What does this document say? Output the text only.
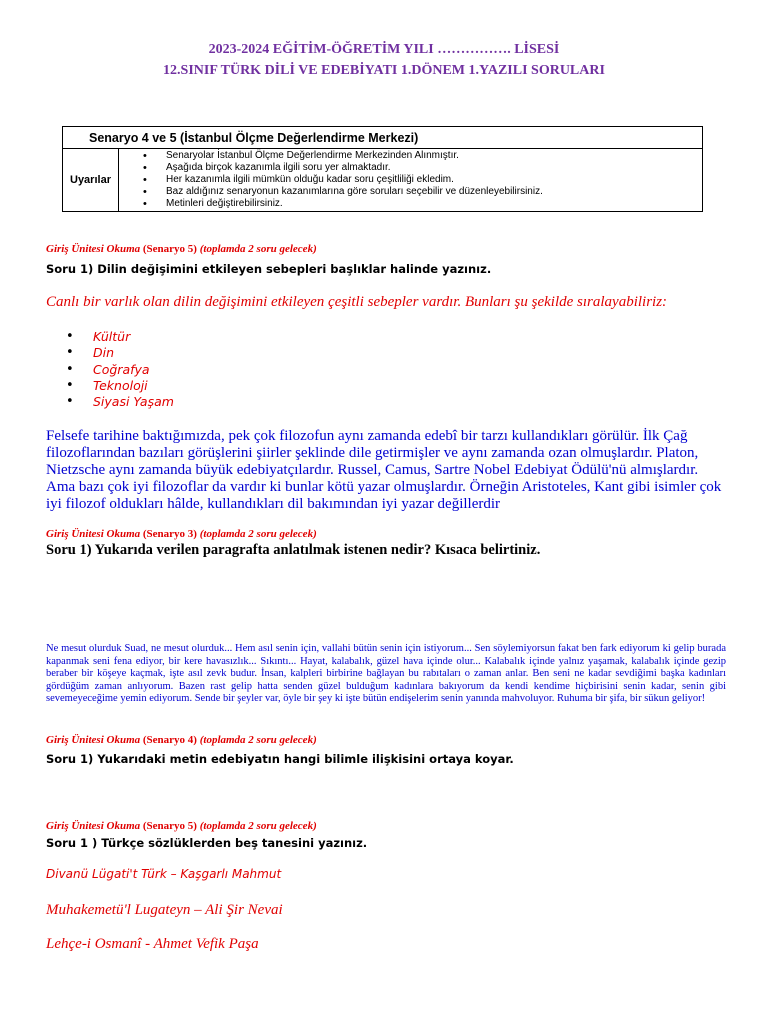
2023-2024 EĞİTİM-ÖĞRETİM YILI ……………. LİSESİ
12.SINIF TÜRK DİLİ VE EDEBİYATI 1.DÖNEM 1.YAZILI SORULARI
Senaryo 4 ve 5 (İstanbul Ölçme Değerlendirme Merkezi)
Uyarılar	
• Senaryolar İstanbul Ölçme Değerlendirme Merkezinden Alınmıştır.
• Aşağıda birçok kazanımla ilgili soru yer almaktadır.
• Her kazanımla ilgili mümkün olduğu kadar soru çeşitliliği ekledim.
• Baz aldığınız senaryonun kazanımlarına göre soruları seçebilir ve düzenleyebilirsiniz.
• Metinleri değiştirebilirsiniz.
Giriş Ünitesi Okuma (Senaryo 5) (toplamda 2 soru gelecek)
Soru 1) Dilin değişimini etkileyen sebepleri başlıklar halinde yazınız.
Canlı bir varlık olan dilin değişimini etkileyen çeşitli sebepler vardır. Bunları şu şekilde sıralayabiliriz:
• Kültür
• Din
• Coğrafya
• Teknoloji
• Siyasi Yaşam
Felsefe tarihine baktığımızda, pek çok filozofun aynı zamanda edebî bir tarzı kullandıkları görülür. İlk Çağ filozoflarından bazıları görüşlerini şiirler şeklinde dile getirmişler ve aynı zamanda ozan olmuşlardır. Platon, Nietzsche aynı zamanda büyük edebiyatçılardır. Russel, Camus, Sartre Nobel Edebiyat Ödülü'nü almışlardır. Ama bazı çok iyi filozoflar da vardır ki bunlar kötü yazar olmuşlardır. Örneğin Aristoteles, Kant gibi isimler çok iyi filozof oldukları hâlde, kullandıkları dil bakımından iyi yazar değillerdir
Giriş Ünitesi Okuma (Senaryo 3) (toplamda 2 soru gelecek)
Soru 1) Yukarıda verilen paragrafta anlatılmak istenen nedir? Kısaca belirtiniz.
Ne mesut olurduk Suad, ne mesut olurduk... Hem asıl senin için, vallahi bütün senin için istiyorum... Sen söylemiyorsun fakat ben fark ediyorum ki gelip burada kapanmak seni fena ediyor, bir kere havasızlık... Sıkıntı... Hayat, kalabalık, güzel hava içinde olur... Kalabalık içinde yalnız yaşamak, kalabalık içinde gezip beraber bir köşeye kaçmak, işte asıl zevk budur. İnsan, kalpleri birbirine bağlayan bu rabıtaları o zaman anlar. Ben seni ne kadar sevdiğimi başka kadınları gördüğüm zaman anlıyorum. Bazen rast gelip hatta senden güzel bulduğum kadınlara bakıyorum da kendi kendime hiçbirisini senin kadar, senin gibi sevemeyeceğime yemin ediyorum. Sende bir şeyler var, öyle bir şey ki işte bütün endişelerim senin yanında mahvoluyor. Ruhuma bir şifa, bir sükun geliyor!
Giriş Ünitesi Okuma (Senaryo 4) (toplamda 2 soru gelecek)
Soru 1) Yukarıdaki metin edebiyatın hangi bilimle ilişkisini ortaya koyar.
Giriş Ünitesi Okuma (Senaryo 5) (toplamda 2 soru gelecek)
Soru 1 ) Türkçe sözlüklerden beş tanesini yazınız.
Divanü Lügati't Türk – Kaşgarlı Mahmut
Muhakemetü'l Lugateyn – Ali Şir Nevai
Lehçe-i Osmanî - Ahmet Vefik Paşa
